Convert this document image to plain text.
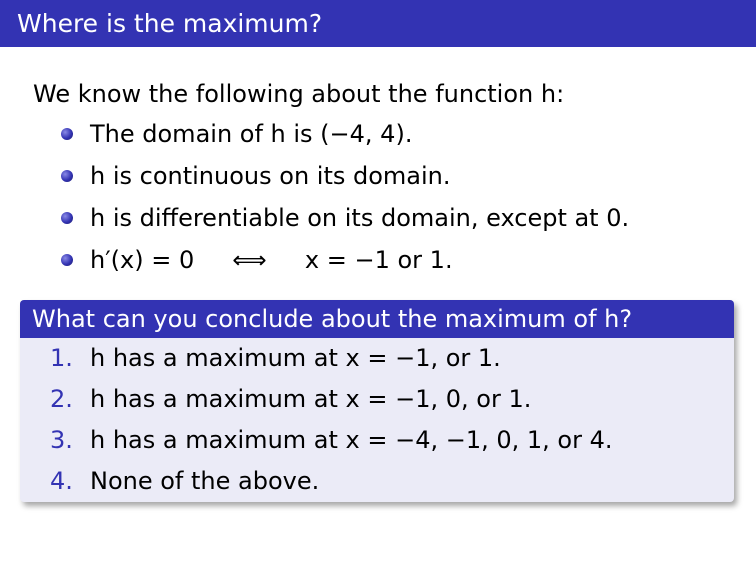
Where is the maximum?
We know the following about the function h:
The domain of h is (−4, 4).
h is continuous on its domain.
h is differentiable on its domain, except at 0.
h′(x) = 0     ⟺     x = −1 or 1.
What can you conclude about the maximum of h?
1. h has a maximum at x = −1, or 1.
2. h has a maximum at x = −1, 0, or 1.
3. h has a maximum at x = −4, −1, 0, 1, or 4.
4. None of the above.
